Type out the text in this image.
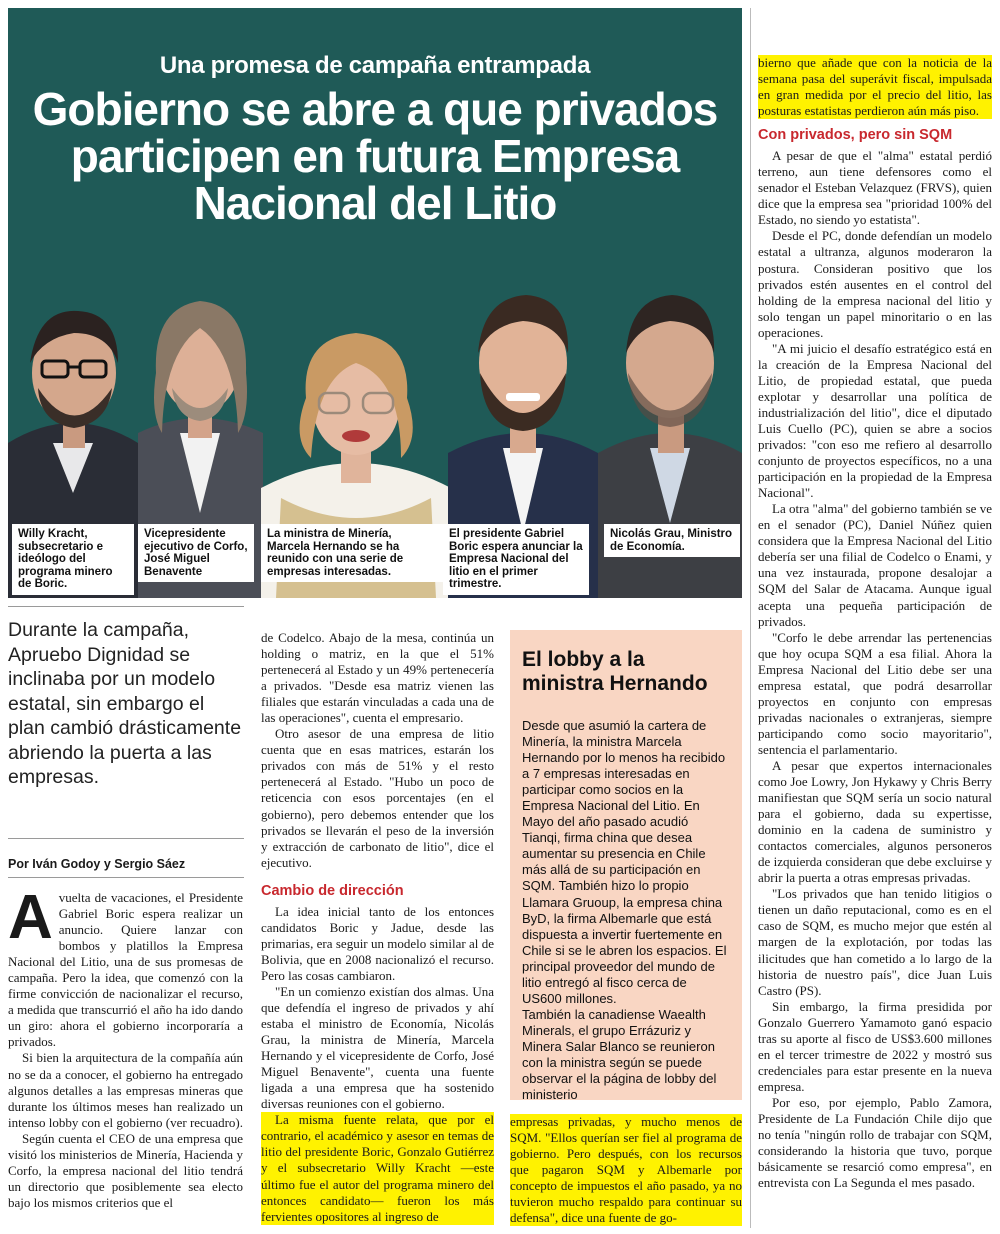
Una promesa de campaña entrampada
Gobierno se abre a que privados participen en futura Empresa Nacional del Litio
Willy Kracht, subsecretario e ideólogo del programa minero de Boric.
Vicepresidente ejecutivo de Corfo, José Miguel Benavente
La ministra de Minería, Marcela Hernando se ha reunido con una serie de empresas interesadas.
El presidente Gabriel Boric espera anunciar la Empresa Nacional del litio en el primer trimestre.
Nicolás Grau, Ministro de Economía.
Durante la campaña, Apruebo Dignidad se inclinaba por un modelo estatal, sin embargo el plan cambió drásticamente abriendo la puerta a las empresas.
Por Iván Godoy y Sergio Sáez
A vuelta de vacaciones, el Presidente Gabriel Boric espera realizar un anuncio. Quiere lanzar con bombos y platillos la Empresa Nacional del Litio, una de sus promesas de campaña. Pero la idea, que comenzó con la firme convicción de nacionalizar el recurso, a medida que transcurrió el año ha ido dando un giro: ahora el gobierno incorporaría a privados.

Si bien la arquitectura de la compañía aún no se da a conocer, el gobierno ha entregado algunos detalles a las empresas mineras que durante los últimos meses han realizado un intenso lobby con el gobierno (ver recuadro).

Según cuenta el CEO de una empresa que visitó los ministerios de Minería, Hacienda y Corfo, la empresa nacional del litio tendrá un directorio que posiblemente sea electo bajo los mismos criterios que el

de Codelco. Abajo de la mesa, continúa un holding o matriz, en la que el 51% pertenecerá al Estado y un 49% pertenecería a privados. "Desde esa matriz vienen las filiales que estarán vinculadas a cada una de las operaciones", cuenta el empresario.

Otro asesor de una empresa de litio cuenta que en esas matrices, estarán los privados con más de 51% y el resto pertenecerá al Estado. "Hubo un poco de reticencia con esos porcentajes (en el gobierno), pero debemos entender que los privados se llevarán el peso de la inversión y extracción de carbonato de litio", dice el ejecutivo.

Cambio de dirección

La idea inicial tanto de los entonces candidatos Boric y Jadue, desde las primarias, era seguir un modelo similar al de Bolivia, que en 2008 nacionalizó el recurso. Pero las cosas cambiaron.

"En un comienzo existían dos almas. Una que defendía el ingreso de privados y ahí estaba el ministro de Economía, Nicolás Grau, la ministra de Minería, Marcela Hernando y el vicepresidente de Corfo, José Miguel Benavente", cuenta una fuente ligada a una empresa que ha sostenido diversas reuniones con el gobierno.

La misma fuente relata, que por el contrario, el académico y asesor en temas de litio del presidente Boric, Gonzalo Gutiérrez y el subsecretario Willy Kracht —este último fue el autor del programa minero del entonces candidato— fueron los más fervientes opositores al ingreso de

El lobby a la ministra Hernando

Desde que asumió la cartera de Minería, la ministra Marcela Hernando por lo menos ha recibido a 7 empresas interesadas en participar como socios en la Empresa Nacional del Litio. En Mayo del año pasado acudió Tianqi, firma china que desea aumentar su presencia en Chile más allá de su participación en SQM. También hizo lo propio Llamara Gruoup, la empresa china ByD, la firma Albemarle que está dispuesta a invertir fuertemente en Chile si se le abren los espacios. El principal proveedor del mundo de litio entregó al fisco cerca de US600 millones.

También la canadiense Waealth Minerals, el grupo Errázuriz y Minera Salar Blanco se reunieron con la ministra según se puede observar el la página de lobby del ministerio

empresas privadas, y mucho menos de SQM. "Ellos querían ser fiel al programa de gobierno. Pero después, con los recursos que pagaron SQM y Albemarle por concepto de impuestos el año pasado, ya no tuvieron mucho respaldo para continuar su defensa", dice una fuente de go-

bierno que añade que con la noticia de la semana pasa del superávit fiscal, impulsada en gran medida por el precio del litio, las posturas estatistas perdieron aún más piso.

Con privados, pero sin SQM

A pesar de que el "alma" estatal perdió terreno, aun tiene defensores como el senador el Esteban Velazquez (FRVS), quien dice que la empresa sea "prioridad 100% del Estado, no siendo yo estatista".

Desde el PC, donde defendían un modelo estatal a ultranza, algunos moderaron la postura. Consideran positivo que los privados estén ausentes en el control del holding de la empresa nacional del litio y solo tengan un papel minoritario o en las operaciones.

"A mi juicio el desafío estratégico está en la creación de la Empresa Nacional del Litio, de propiedad estatal, que pueda explotar y desarrollar una política de industrialización del litio", dice el diputado Luis Cuello (PC), quien se abre a socios privados: "con eso me refiero al desarrollo conjunto de proyectos específicos, no a una participación en la propiedad de la Empresa Nacional".

La otra "alma" del gobierno también se ve en el senador (PC), Daniel Núñez quien considera que la Empresa Nacional del Litio debería ser una filial de Codelco o Enami, y una vez instaurada, propone desalojar a SQM del Salar de Atacama. Aunque igual acepta una pequeña participación de privados.

"Corfo le debe arrendar las pertenencias que hoy ocupa SQM a esa filial. Ahora la Empresa Nacional del Litio debe ser una empresa estatal, que podrá desarrollar proyectos en conjunto con empresas privadas nacionales o extranjeras, siempre participando como socio mayoritario", sentencia el parlamentario.

A pesar que expertos internacionales como Joe Lowry, Jon Hykawy y Chris Berry manifiestan que SQM sería un socio natural para el gobierno, dada su expertisse, dominio en la cadena de suministro y contactos comerciales, algunos personeros de izquierda consideran que debe excluirse y abrir la puerta a otras empresas privadas.

"Los privados que han tenido litigios o tienen un daño reputacional, como es en el caso de SQM, es mucho mejor que estén al margen de la explotación, por todas las ilicitudes que han cometido a lo largo de la historia de nuestro país", dice Juan Luis Castro (PS).

Sin embargo, la firma presidida por Gonzalo Guerrero Yamamoto ganó espacio tras su aporte al fisco de US$3.600 millones en el tercer trimestre de 2022 y mostró sus credenciales para estar presente en la nueva empresa.

Por eso, por ejemplo, Pablo Zamora, Presidente de La Fundación Chile dijo que no tenía "ningún rollo de trabajar con SQM, considerando la historia que tuvo, porque básicamente se resarció como empresa", en entrevista con La Segunda el mes pasado.
